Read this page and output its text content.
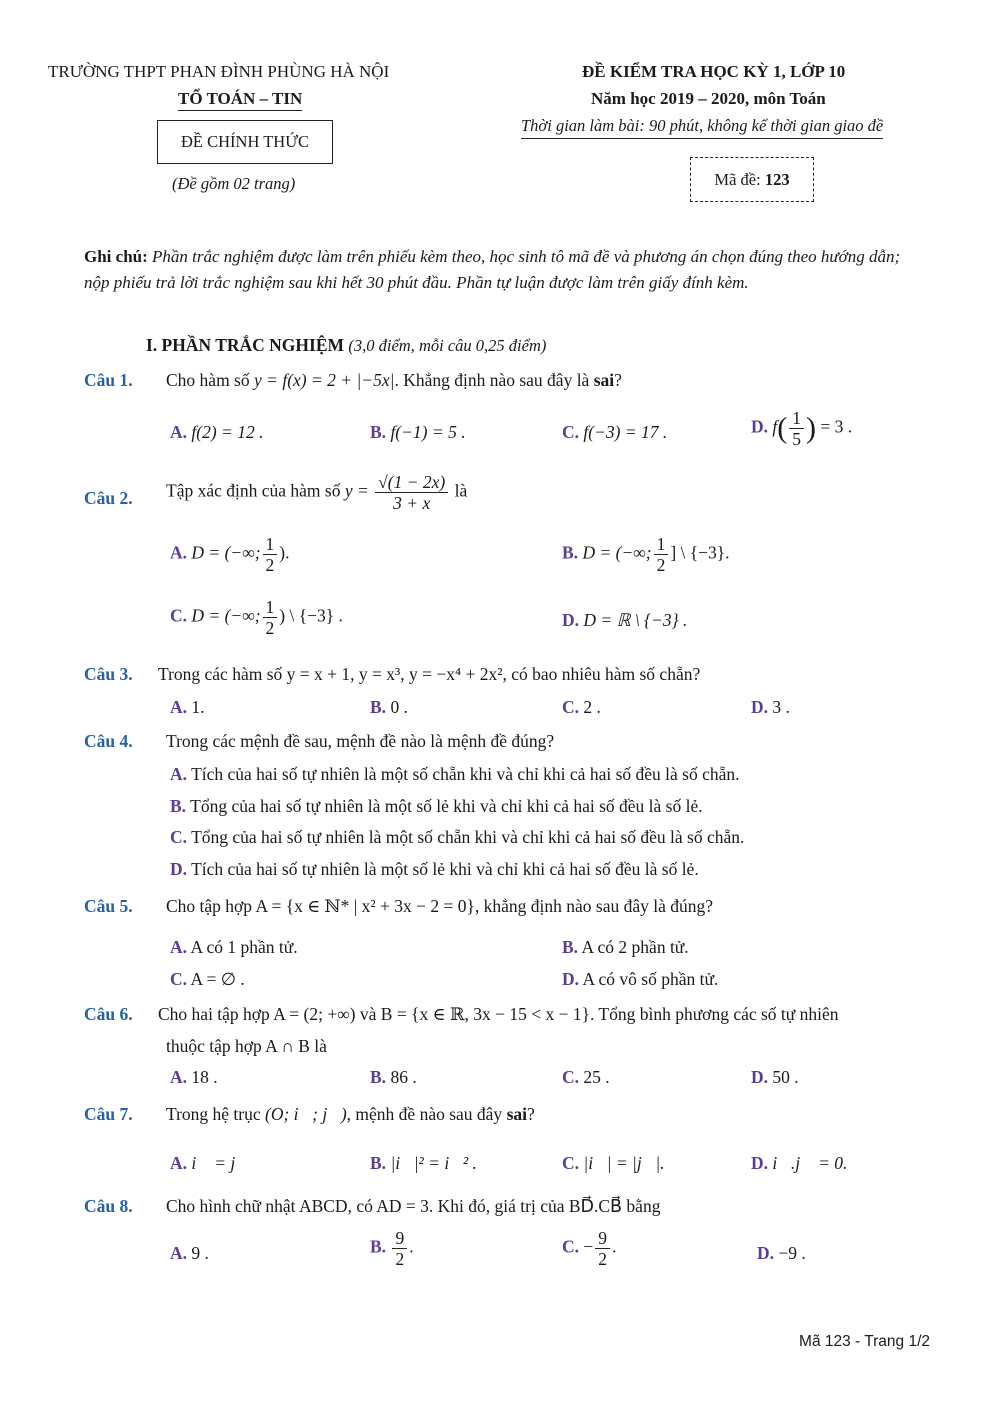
TRƯỜNG THPT PHAN ĐÌNH PHÙNG HÀ NỘI
TỔ TOÁN – TIN
ĐỀ CHÍNH THỨC
(Đề gồm 02 trang)
ĐỀ KIỂM TRA HỌC KỲ 1, LỚP 10
Năm học 2019 – 2020, môn Toán
Thời gian làm bài: 90 phút, không kể thời gian giao đề
Mã đề: 123
Ghi chú: Phần trắc nghiệm được làm trên phiếu kèm theo, học sinh tô mã đề và phương án chọn đúng theo hướng dẫn; nộp phiếu trả lời trắc nghiệm sau khi hết 30 phút đầu. Phần tự luận được làm trên giấy đính kèm.
I. PHẦN TRẮC NGHIỆM (3,0 điểm, mỗi câu 0,25 điểm)
Câu 1. Cho hàm số y = f(x) = 2 + |−5x|. Khẳng định nào sau đây là sai?
A. f(2) = 12 .	B. f(−1) = 5 .	C. f(−3) = 17 .	D. $f( \frac{1}{5}$ ) = 3 .
Câu 2. Tập xác định của hàm số $y = \frac{√(1 - 2x)}{3 + x}$ là
A. D = (−∞; $\frac{1}{2}$ ).	B. D = (−∞; $\frac{1}{2}$ ] \ {−3}.
C. D = (−∞; $\frac{1}{2}$ ) \ {−3} .	D. D = ℝ \ {−3} .
Câu 3. Trong các hàm số y = x + 1, y = x³, y = −x⁴ + 2x², có bao nhiêu hàm số chẵn?
A. 1.	B. 0 .	C. 2 .	D. 3 .
Câu 4. Trong các mệnh đề sau, mệnh đề nào là mệnh đề đúng?
A. Tích của hai số tự nhiên là một số chẵn khi và chỉ khi cả hai số đều là số chẵn.
B. Tổng của hai số tự nhiên là một số lẻ khi và chỉ khi cả hai số đều là số lẻ.
C. Tổng của hai số tự nhiên là một số chẵn khi và chỉ khi cả hai số đều là số chẵn.
D. Tích của hai số tự nhiên là một số lẻ khi và chỉ khi cả hai số đều là số lẻ.
Câu 5. Cho tập hợp A = {x ∈ ℕ* | x² + 3x − 2 = 0}, khẳng định nào sau đây là đúng?
A. A có 1 phần tử.	B. A có 2 phần tử.
C. A = ∅ .	D. A có vô số phần tử.
Câu 6. Cho hai tập hợp A = (2; +∞) và B = {x ∈ ℝ, 3x − 15 < x − 1}. Tổng bình phương các số tự nhiên
thuộc tập hợp A ∩ B là
A. 18 .	B. 86 .	C. 25 .	D. 50 .
Câu 7. Trong hệ trục (O; i⃗; j⃗), mệnh đề nào sau đây sai?
A. i⃗ = j⃗	B. |i⃗|² = i⃗² .	C. |i⃗| = |j⃗|.	D. i⃗.j⃗ = 0.
Câu 8. Cho hình chữ nhật ABCD, có AD = 3. Khi đó, giá trị của BD⃗.CB⃗ bằng
A. 9 .	B. $\frac{9}{2}$ .	C. − $\frac{9}{2}$ .	D. −9 .
Mã 123 - Trang 1/2
